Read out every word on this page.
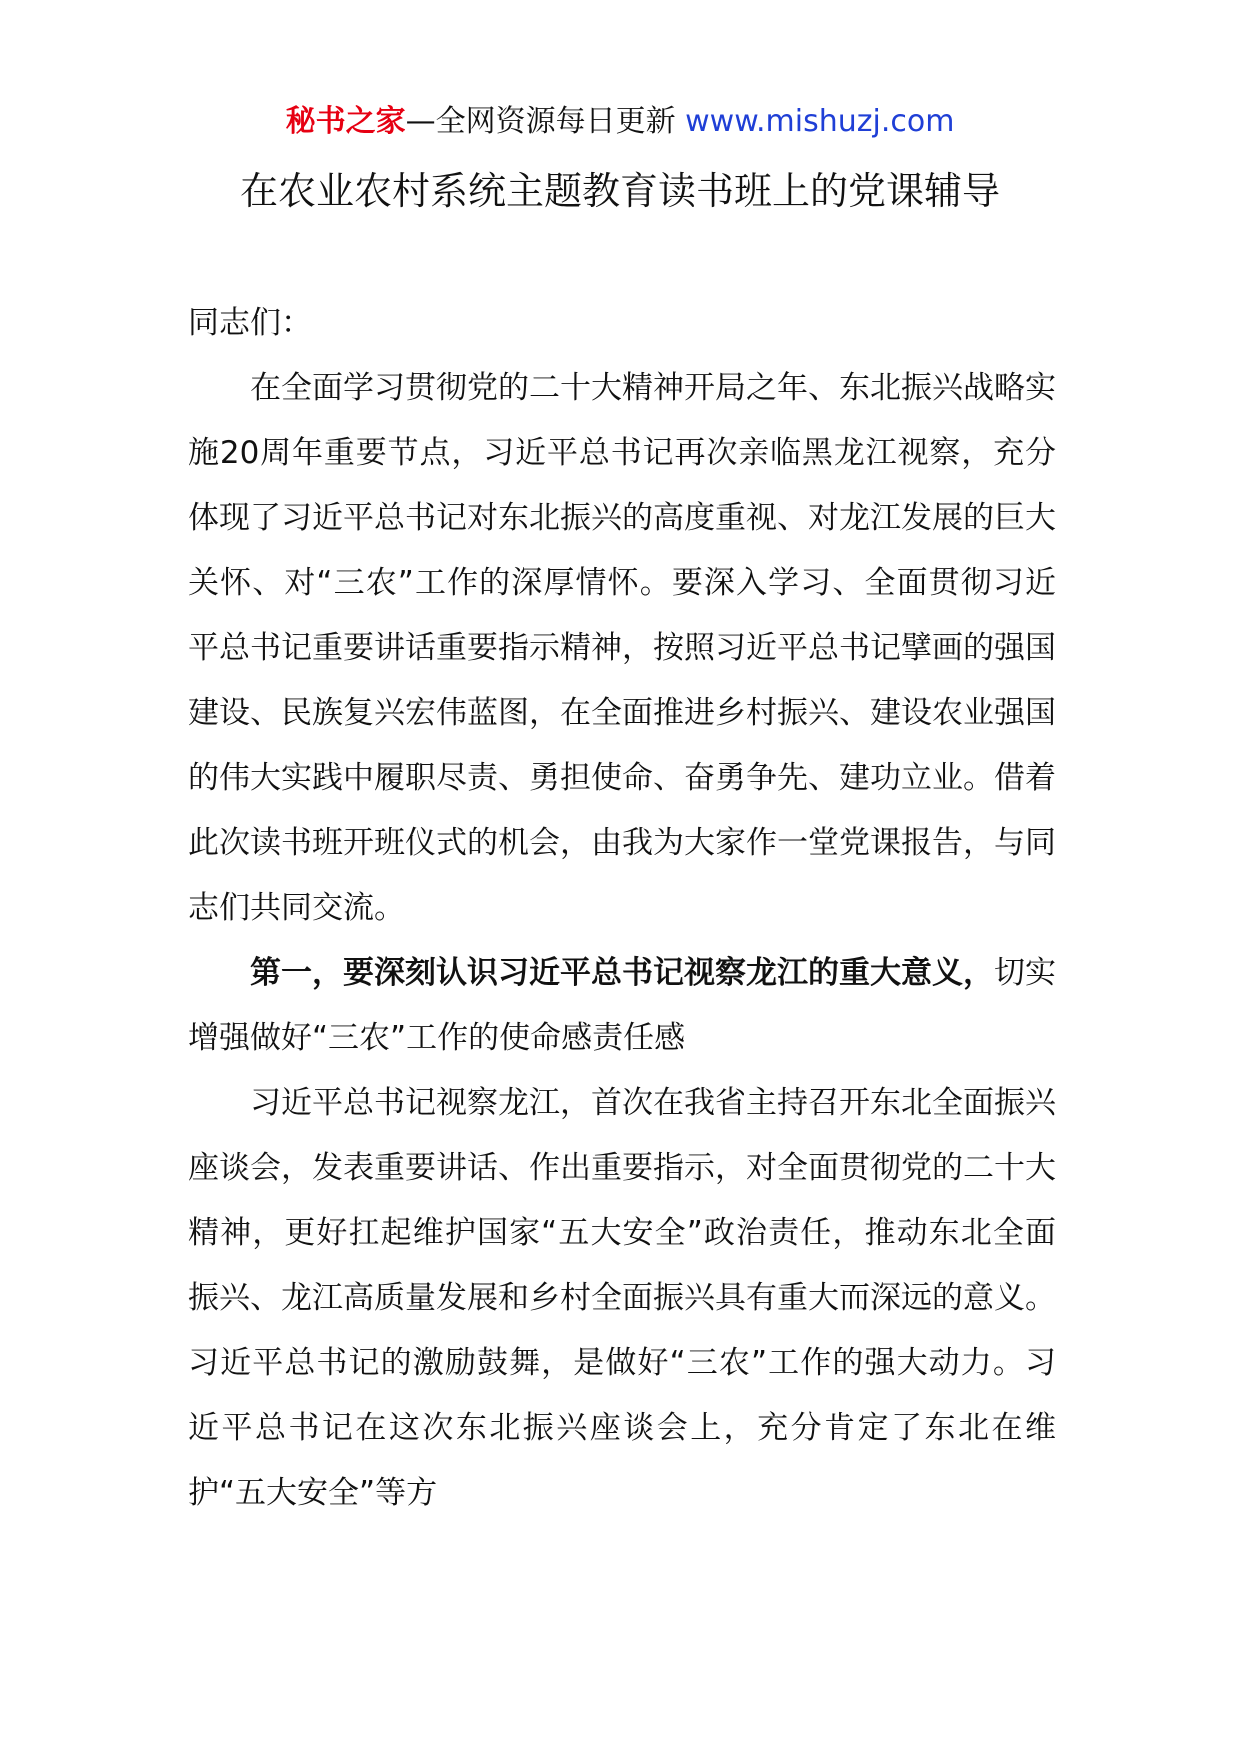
秘书之家—全网资源每日更新 www.mishuzj.com
在农业农村系统主题教育读书班上的党课辅导

同志们：

在全面学习贯彻党的二十大精神开局之年、东北振兴战略实施20周年重要节点，习近平总书记再次亲临黑龙江视察，充分体现了习近平总书记对东北振兴的高度重视、对龙江发展的巨大关怀、对“三农”工作的深厚情怀。要深入学习、全面贯彻习近平总书记重要讲话重要指示精神，按照习近平总书记擘画的强国建设、民族复兴宏伟蓝图，在全面推进乡村振兴、建设农业强国的伟大实践中履职尽责、勇担使命、奋勇争先、建功立业。借着此次读书班开班仪式的机会，由我为大家作一堂党课报告，与同志们共同交流。

第一，要深刻认识习近平总书记视察龙江的重大意义，切实增强做好“三农”工作的使命感责任感

习近平总书记视察龙江，首次在我省主持召开东北全面振兴座谈会，发表重要讲话、作出重要指示，对全面贯彻党的二十大精神，更好扛起维护国家“五大安全”政治责任，推动东北全面振兴、龙江高质量发展和乡村全面振兴具有重大而深远的意义。习近平总书记的激励鼓舞，是做好“三农”工作的强大动力。习近平总书记在这次东北振兴座谈会上，充分肯定了东北在维护“五大安全”等方
